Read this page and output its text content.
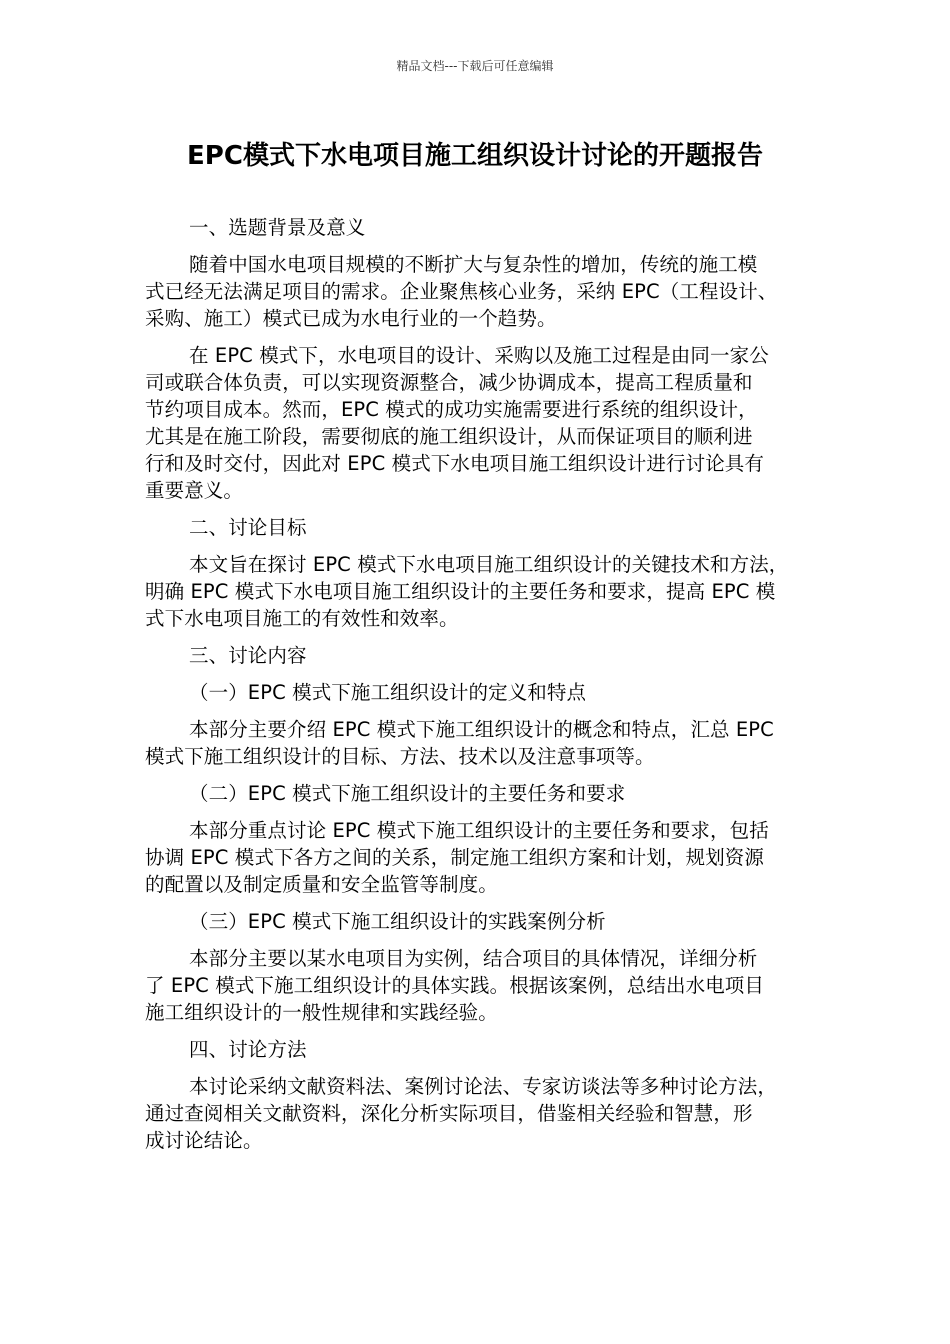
精品文档---下载后可任意编辑
EPC模式下水电项目施工组织设计讨论的开题报告
一、选题背景及意义
随着中国水电项目规模的不断扩大与复杂性的增加，传统的施工模
式已经无法满足项目的需求。企业聚焦核心业务，采纳 EPC（工程设计、
采购、施工）模式已成为水电行业的一个趋势。
在 EPC 模式下，水电项目的设计、采购以及施工过程是由同一家公
司或联合体负责，可以实现资源整合，减少协调成本，提高工程质量和
节约项目成本。然而，EPC 模式的成功实施需要进行系统的组织设计，
尤其是在施工阶段，需要彻底的施工组织设计，从而保证项目的顺利进
行和及时交付，因此对 EPC 模式下水电项目施工组织设计进行讨论具有
重要意义。
二、讨论目标
本文旨在探讨 EPC 模式下水电项目施工组织设计的关键技术和方法，
明确 EPC 模式下水电项目施工组织设计的主要任务和要求，提高 EPC 模
式下水电项目施工的有效性和效率。
三、讨论内容
（一）EPC 模式下施工组织设计的定义和特点
本部分主要介绍 EPC 模式下施工组织设计的概念和特点，汇总 EPC
模式下施工组织设计的目标、方法、技术以及注意事项等。
（二）EPC 模式下施工组织设计的主要任务和要求
本部分重点讨论 EPC 模式下施工组织设计的主要任务和要求，包括
协调 EPC 模式下各方之间的关系，制定施工组织方案和计划，规划资源
的配置以及制定质量和安全监管等制度。
（三）EPC 模式下施工组织设计的实践案例分析
本部分主要以某水电项目为实例，结合项目的具体情况，详细分析
了 EPC 模式下施工组织设计的具体实践。根据该案例，总结出水电项目
施工组织设计的一般性规律和实践经验。
四、讨论方法
本讨论采纳文献资料法、案例讨论法、专家访谈法等多种讨论方法，
通过查阅相关文献资料，深化分析实际项目，借鉴相关经验和智慧，形
成讨论结论。
